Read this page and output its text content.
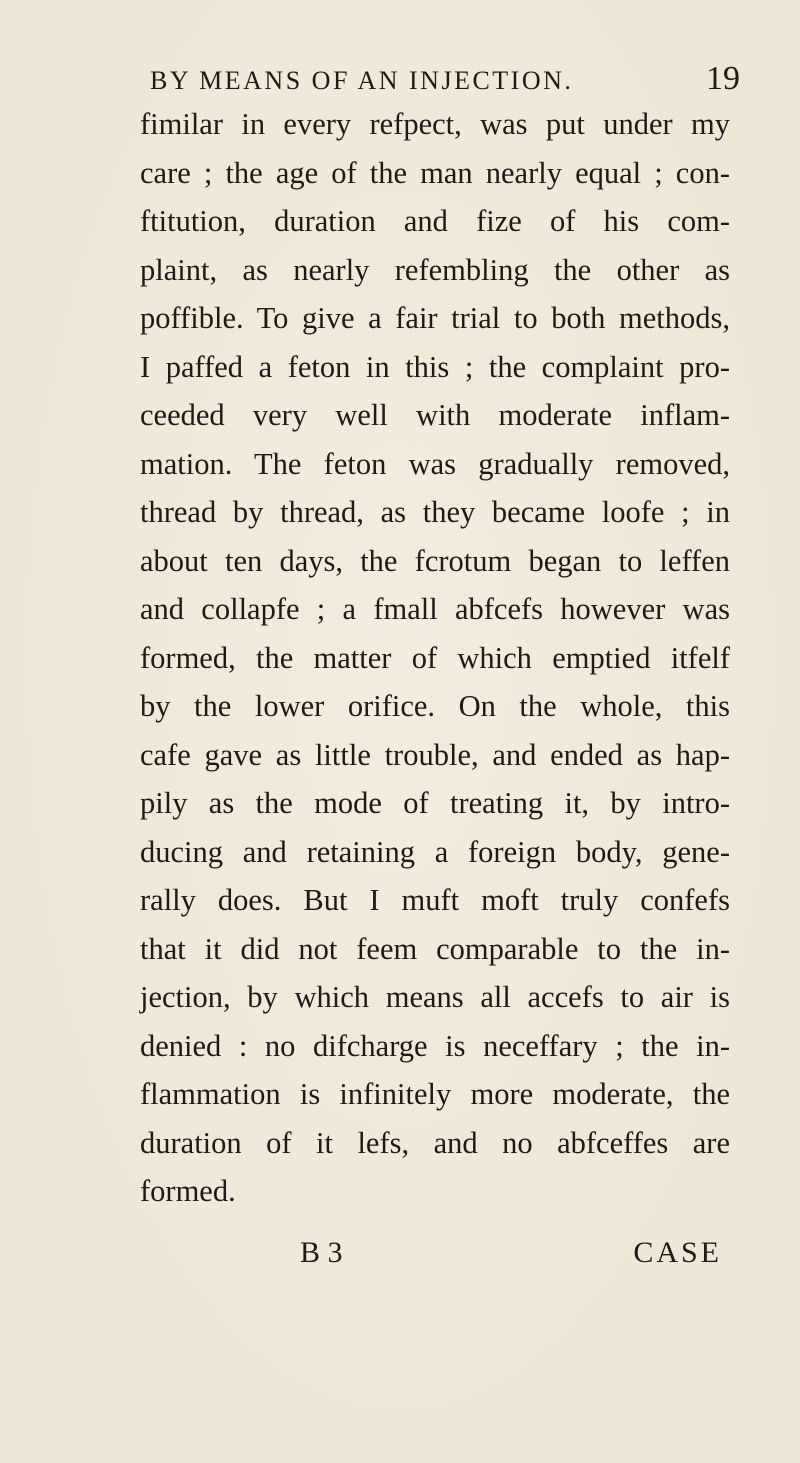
BY MEANS OF AN INJECTION.	19
fimilar in every refpect, was put under my
care ; the age of the man nearly equal ; con-
ftitution, duration and fize of his com-
plaint, as nearly refembling the other as
poffible. To give a fair trial to both methods,
I paffed a feton in this ; the complaint pro-
ceeded very well with moderate inflam-
mation. The feton was gradually removed,
thread by thread, as they became loofe ; in
about ten days, the fcrotum began to leffen
and collapfe ; a fmall abfcefs however was
formed, the matter of which emptied itfelf
by the lower orifice. On the whole, this
cafe gave as little trouble, and ended as hap-
pily as the mode of treating it, by intro-
ducing and retaining a foreign body, gene-
rally does. But I muft moft truly confefs
that it did not feem comparable to the in-
jection, by which means all accefs to air is
denied : no difcharge is neceffary ; the in-
flammation is infinitely more moderate, the
duration of it lefs, and no abfceffes are
formed.
B 3	CASE
